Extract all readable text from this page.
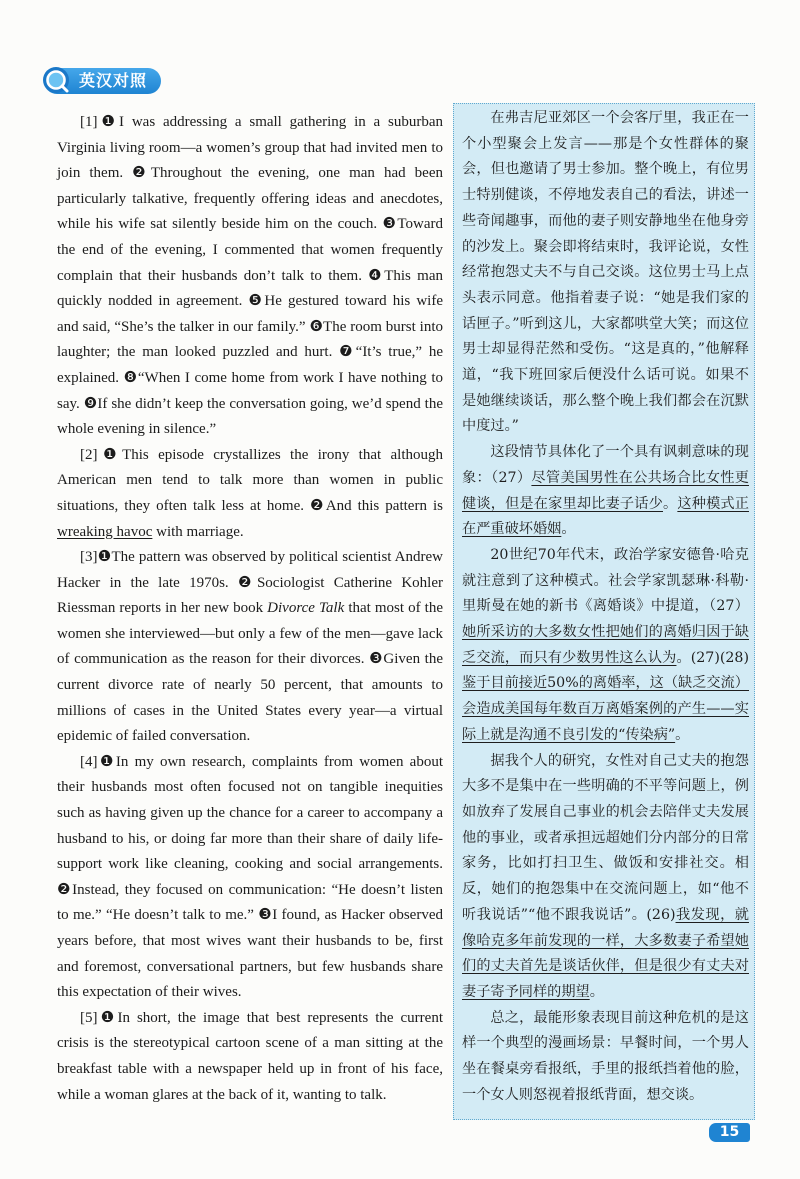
英汉对照

[1]❶I was addressing a small gathering in a suburban Virginia living room—a women’s group that had invited men to join them. ❷Throughout the evening, one man had been particularly talkative, frequently offering ideas and anecdotes, while his wife sat silently beside him on the couch. ❸Toward the end of the evening, I commented that women frequently complain that their husbands don’t talk to them. ❹This man quickly nodded in agreement. ❺He gestured toward his wife and said, “She’s the talker in our family.” ❻The room burst into laughter; the man looked puzzled and hurt. ❼“It’s true,” he explained. ❽“When I come home from work I have nothing to say. ❾If she didn’t keep the conversation going, we’d spend the whole evening in silence.”

[2]❶This episode crystallizes the irony that although American men tend to talk more than women in public situations, they often talk less at home. ❷And this pattern is wreaking havoc with marriage.

[3]❶The pattern was observed by political scientist Andrew Hacker in the late 1970s. ❷Sociologist Catherine Kohler Riessman reports in her new book Divorce Talk that most of the women she interviewed—but only a few of the men—gave lack of communication as the reason for their divorces. ❸Given the current divorce rate of nearly 50 percent, that amounts to millions of cases in the United States every year—a virtual epidemic of failed conversation.

[4]❶In my own research, complaints from women about their husbands most often focused not on tangible inequities such as having given up the chance for a career to accompany a husband to his, or doing far more than their share of daily life-support work like cleaning, cooking and social arrangements. ❷Instead, they focused on communication: “He doesn’t listen to me.” “He doesn’t talk to me.” ❸I found, as Hacker observed years before, that most wives want their husbands to be, first and foremost, conversational partners, but few husbands share this expectation of their wives.

[5]❶In short, the image that best represents the current crisis is the stereotypical cartoon scene of a man sitting at the breakfast table with a newspaper held up in front of his face, while a woman glares at the back of it, wanting to talk.

在弗吉尼亚郊区一个会客厅里，我正在一个小型聚会上发言——那是个女性群体的聚会，但也邀请了男士参加。整个晚上，有位男士特别健谈，不停地发表自己的看法，讲述一些奇闻趣事，而他的妻子则安静地坐在他身旁的沙发上。聚会即将结束时，我评论说，女性经常抱怨丈夫不与自己交谈。这位男士马上点头表示同意。他指着妻子说：“她是我们家的话匣子。”听到这儿，大家都哄堂大笑；而这位男士却显得茫然和受伤。“这是真的，”他解释道，“我下班回家后便没什么话可说。如果不是她继续谈话，那么整个晚上我们都会在沉默中度过。”

这段情节具体化了一个具有讽刺意味的现象：（27）尽管美国男性在公共场合比女性更健谈，但是在家里却比妻子话少。这种模式正在严重破坏婚姻。

20世纪70年代末，政治学家安德鲁·哈克就注意到了这种模式。社会学家凯瑟琳·科勒·里斯曼在她的新书《离婚谈》中提道，（27）她所采访的大多数女性把她们的离婚归因于缺乏交流，而只有少数男性这么认为。(27)(28)鉴于目前接近50%的离婚率，这（缺乏交流）会造成美国每年数百万离婚案例的产生——实际上就是沟通不良引发的“传染病”。

据我个人的研究，女性对自己丈夫的抱怨大多不是集中在一些明确的不平等问题上，例如放弃了发展自己事业的机会去陪伴丈夫发展他的事业，或者承担远超她们分内部分的日常家务，比如打扫卫生、做饭和安排社交。相反，她们的抱怨集中在交流问题上，如“他不听我说话”“他不跟我说话”。(26)我发现，就像哈克多年前发现的一样，大多数妻子希望她们的丈夫首先是谈话伙伴，但是很少有丈夫对妻子寄予同样的期望。

总之，最能形象表现目前这种危机的是这样一个典型的漫画场景：早餐时间，一个男人坐在餐桌旁看报纸，手里的报纸挡着他的脸，一个女人则怒视着报纸背面，想交谈。

15
